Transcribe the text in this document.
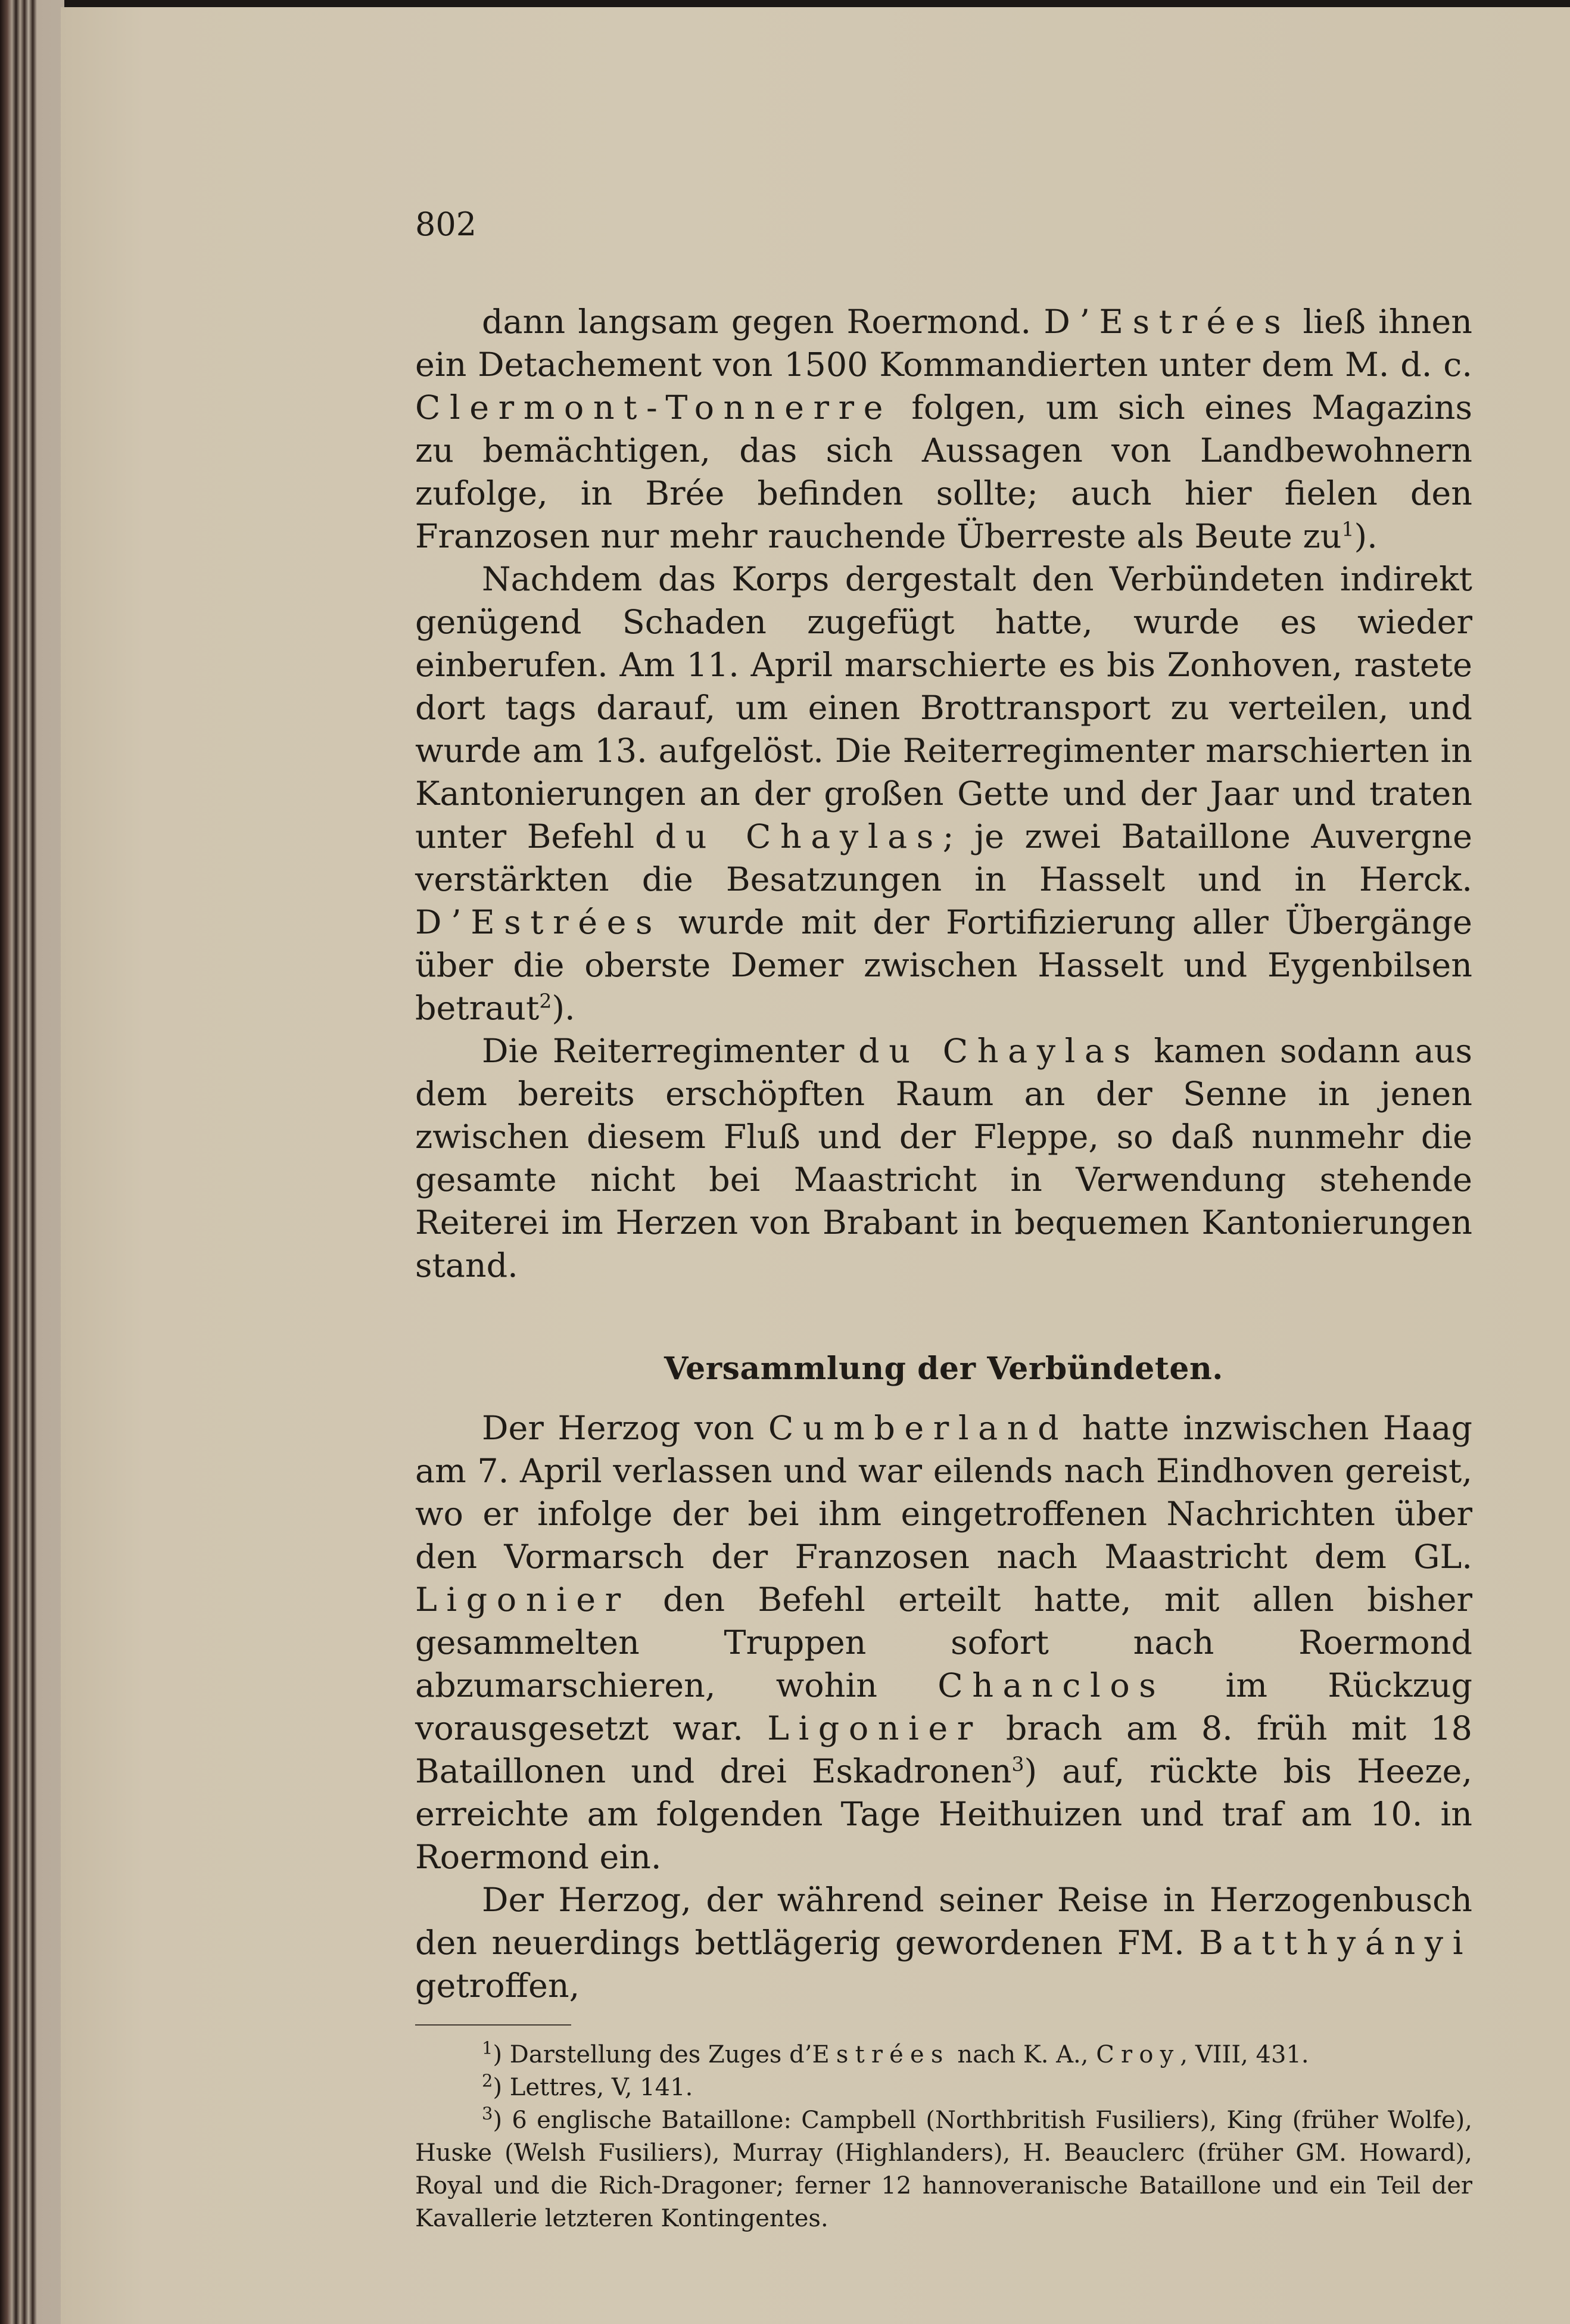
802

dann langsam gegen Roermond. D’Estrées ließ ihnen ein Detachement von 1500 Kommandierten unter dem M. d. c. Clermont-Tonnerre folgen, um sich eines Magazins zu bemächtigen, das sich Aussagen von Landbewohnern zufolge, in Brée befinden sollte; auch hier fielen den Franzosen nur mehr rauchende Überreste als Beute $zu^1$).

Nachdem das Korps dergestalt den Verbündeten indirekt genügend Schaden zugefügt hatte, wurde es wieder einberufen. Am 11. April marschierte es bis Zonhoven, rastete dort tags darauf, um einen Brottransport zu verteilen, und wurde am 13. aufgelöst. Die Reiterregimenter marschierten in Kantonierungen an der großen Gette und der Jaar und traten unter Befehl du Chaylas; je zwei Bataillone Auvergne verstärkten die Besatzungen in Hasselt und in Herck. D’Estrées wurde mit der Fortifizierung aller Übergänge über die oberste Demer zwischen Hasselt und Eygenbilsen betraut$^2$).

Die Reiterregimenter du Chaylas kamen sodann aus dem bereits erschöpften Raum an der Senne in jenen zwischen diesem Fluß und der Fleppe, so daß nunmehr die gesamte nicht bei Maastricht in Verwendung stehende Reiterei im Herzen von Brabant in bequemen Kantonierungen stand.

Versammlung der Verbündeten.

Der Herzog von Cumberland hatte inzwischen Haag am 7. April verlassen und war eilends nach Eindhoven gereist, wo er infolge der bei ihm eingetroffenen Nachrichten über den Vormarsch der Franzosen nach Maastricht dem GL. Ligonier den Befehl erteilt hatte, mit allen bisher gesammelten Truppen sofort nach Roermond abzumarschieren, wohin Chanclos im Rückzug vorausgesetzt war. Ligonier brach am 8. früh mit 18 Bataillonen und drei Eskadronen$^3$) auf, rückte bis Heeze, erreichte am folgenden Tage Heithuizen und traf am 10. in Roermond ein.

Der Herzog, der während seiner Reise in Herzogenbusch den neuerdings bettlägerig gewordenen FM. Batthyányi getroffen,

$^1$) Darstellung des Zuges d’Estrées nach K. A., Croy, VIII, 431.

$^2$) Lettres, V, 141.

$^3$) 6 englische Bataillone: Campbell (Northbritish Fusiliers), King (früher Wolfe), Huske (Welsh Fusiliers), Murray (Highlanders), H. Beauclerc (früher GM. Howard), Royal und die Rich-Dragoner; ferner 12 hannoveranische Bataillone und ein Teil der Kavallerie letzteren Kontingentes.
